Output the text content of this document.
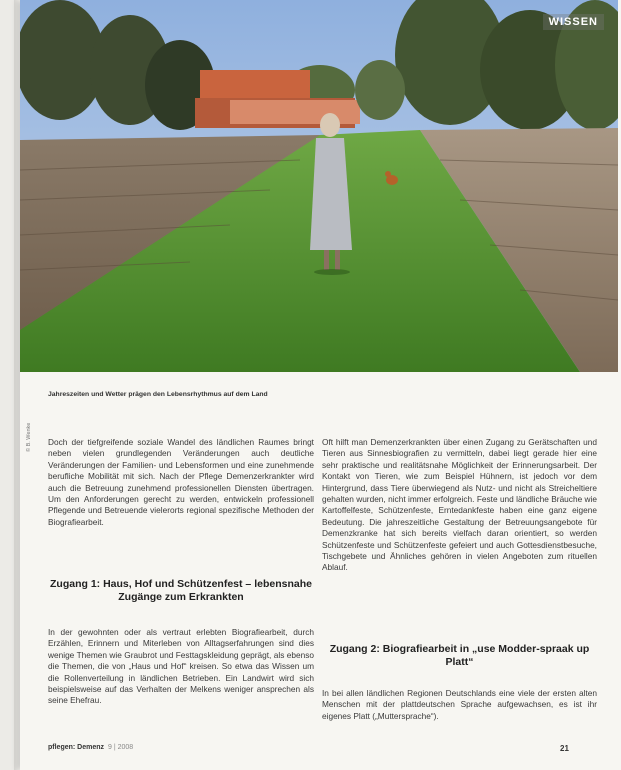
WISSEN
Jahreszeiten und Wetter prägen den Lebensrhythmus auf dem Land
© B. Wenke Doch der tiefgreifende soziale Wandel des ländlichen Raumes bringt neben vielen grundlegenden Veränderungen auch deutliche Veränderungen der Familien- und Lebensformen und eine zunehmende berufliche Mobilität mit sich. Nach der Pflege Demenzerkrankter wird auch die Betreuung zunehmend professionellen Diensten übertragen. Um den Anforderungen gerecht zu werden, entwickeln professionell Pflegende und Betreuende vielerorts regional spezifische Methoden der Biografiearbeit.

Zugang 1: Haus, Hof und Schützenfest – lebensnahe Zugänge zum Erkrankten

In der gewohnten oder als vertraut erlebten Biografiearbeit, durch Erzählen, Erinnern und Miterleben von Alltagserfahrungen sind dies wenige Themen wie Graubrot und Festtagskleidung geprägt, als ebenso die Themen, die von „Haus und Hof“ kreisen. So etwa das Wissen um die Rollenverteilung in ländlichen Betrieben. Ein Landwirt wird sich beispielsweise auf das Verhalten der Melkens weniger ansprechen als seine Ehefrau.

Oft hilft man Demenzerkrankten über einen Zugang zu Gerätschaften und Tieren aus Sinnesbiografien zu vermitteln, dabei liegt gerade hier eine sehr praktische und realitätsnahe Möglichkeit der Erinnerungsarbeit. Der Kontakt von Tieren, wie zum Beispiel Hühnern, ist jedoch vor dem Hintergrund, dass Tiere überwiegend als Nutz- und nicht als Streicheltiere gehalten wurden, nicht immer erfolgreich. Feste und ländliche Bräuche wie Kartoffelfeste, Schützenfeste, Erntedankfeste haben eine ganz eigene Bedeutung. Die jahreszeitliche Gestaltung der Betreuungsangebote für Demenzkranke hat sich bereits vielfach daran orientiert, so werden Schützenfeste und Schützenfeste gefeiert und auch Gottesdienstbesuche, Tischgebete und Ähnliches gehören in vielen Angeboten zum rituellen Ablauf.

Zugang 2: Biografiearbeit in „use Modder-spraak up Platt“

In bei allen ländlichen Regionen Deutschlands eine viele der ersten alten Menschen mit der plattdeutschen Sprache aufgewachsen, es ist ihr eigenes Platt („Muttersprache“).

pflegen: Demenz 9 | 2008	21
